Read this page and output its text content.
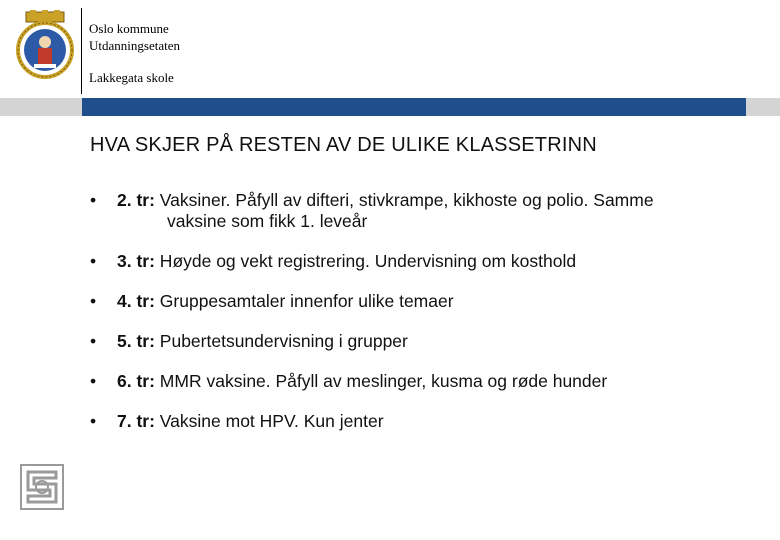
Oslo kommune
Utdanningsetaten
Lakkegata skole
HVA SKJER PÅ RESTEN AV DE ULIKE KLASSETRINN
• 2. tr: Vaksiner. Påfyll av difteri, stivkrampe, kikhoste og polio. Samme
vaksine som fikk 1. leveår
• 3. tr: Høyde og vekt registrering. Undervisning om kosthold
• 4. tr: Gruppesamtaler innenfor ulike temaer
• 5. tr: Pubertetsundervisning i grupper
• 6. tr: MMR vaksine. Påfyll av meslinger, kusma og røde hunder
• 7. tr: Vaksine mot HPV. Kun jenter
